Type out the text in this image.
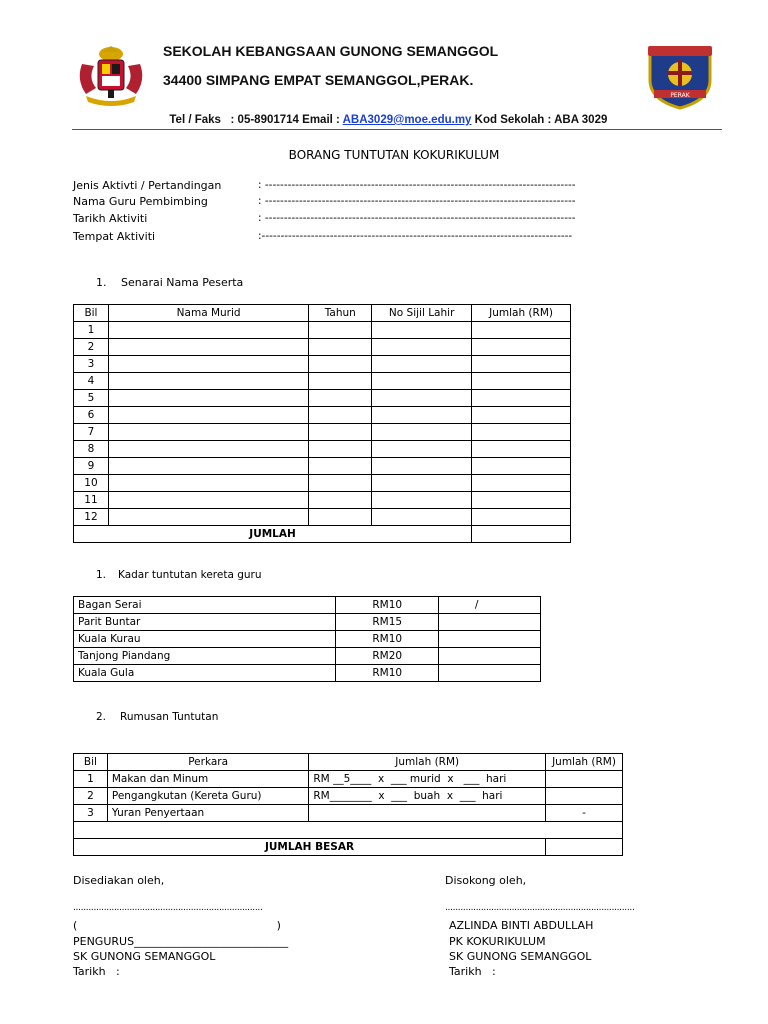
SEKOLAH KEBANGSAAN GUNONG SEMANGGOL
34400 SIMPANG EMPAT SEMANGGOL,PERAK.

Tel / Faks   : 05-8901714 Email : ABA3029@moe.edu.my Kod Sekolah : ABA 3029

PERAK
BORANG TUNTUTAN KOKURIKULUM
Jenis Aktivti / Pertandingan	: ----------------------------------------------------------------------------------
Nama Guru Pembimbing	: ----------------------------------------------------------------------------------
Tarikh Aktiviti	: ----------------------------------------------------------------------------------
Tempat Aktiviti	:----------------------------------------------------------------------------------
1. Senarai Nama Peserta
Bil	Nama Murid	Tahun	No Sijil Lahir	Jumlah (RM)
1				
2				
3				
4				
5				
6				
7				
8				
9				
10				
11				
12				
JUMLAH				
1. Kadar tuntutan kereta guru
Bagan Serai	RM10	/
Parit Buntar	RM15	
Kuala Kurau	RM10	
Tanjong Piandang	RM20	
Kuala Gula	RM10	
2. Rumusan Tuntutan
Bil	Perkara	Jumlah (RM)	Jumlah (RM)
1	Makan dan Minum	RM __5____  x  ___ murid  x   ___  hari	
2	Pengangkutan (Kereta Guru)	RM________  x  ___  buah  x  ___  hari	
3	Yuran Penyertaan		-

JUMLAH BESAR			
Disediakan oleh,
..........................................................................
(                                                         )
PENGURUS____________________________
SK GUNONG SEMANGGOL
Tarikh   :
Disokong oleh,
..........................................................................
AZLINDA BINTI ABDULLAH
PK KOKURIKULUM
SK GUNONG SEMANGGOL
Tarikh   :
